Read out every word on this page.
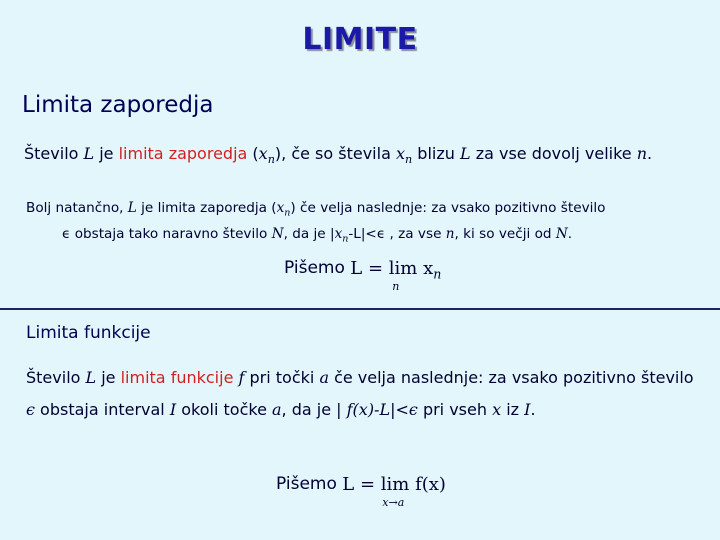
LIMITE
Limita zaporedja
Število L je limita zaporedja $(x_n)$, če so števila $x_n$ blizu L za vse dovolj velike n.
Bolj natančno, L je limita zaporedja $(x_n)$ če velja naslednje: za vsako pozitivno število
ϵ obstaja tako naravno število N, da je $|x_n-L|<\epsilon$ , za vse n, ki so večji od N.
Pišemo $L = \lim x_n$
n
Limita funkcije
Število L je limita funkcije f pri točki a če velja naslednje: za vsako pozitivno število ϵ obstaja interval I okoli točke a, da je | f(x)-L|<ϵ pri vseh x iz I.
Pišemo L = lim f(x)
x→a
